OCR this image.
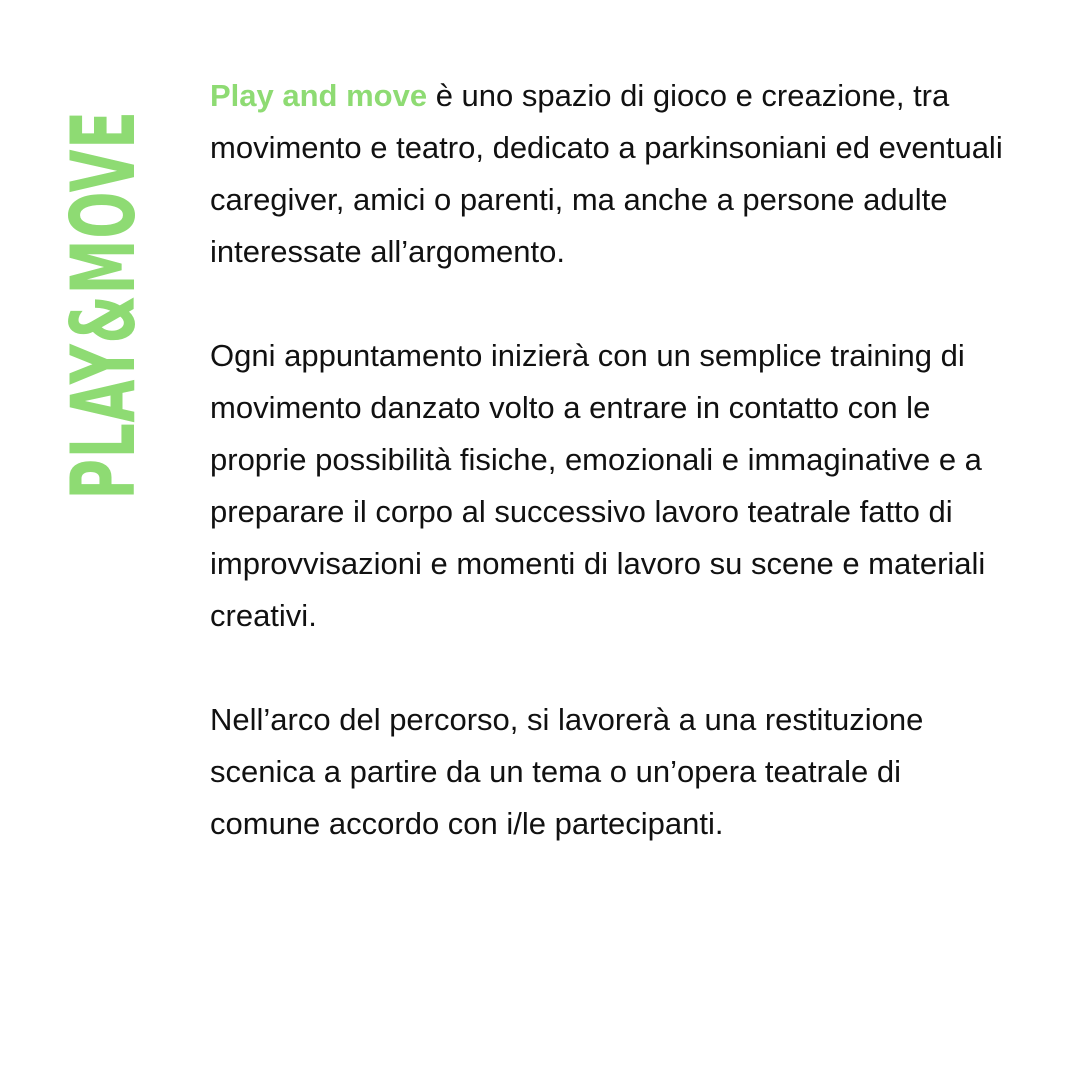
PLAY&MOVE

Play and move è uno spazio di gioco e creazione, tra movimento e teatro, dedicato a parkinsoniani ed eventuali caregiver, amici o parenti, ma anche a persone adulte interessate all’argomento.

Ogni appuntamento inizierà con un semplice training di movimento danzato volto a entrare in contatto con le proprie possibilità fisiche, emozionali e immaginative e a preparare il corpo al successivo lavoro teatrale fatto di improvvisazioni e momenti di lavoro su scene e materiali creativi.

Nell’arco del percorso, si lavorerà a una restituzione scenica a partire da un tema o un’opera teatrale di comune accordo con i/le partecipanti.
